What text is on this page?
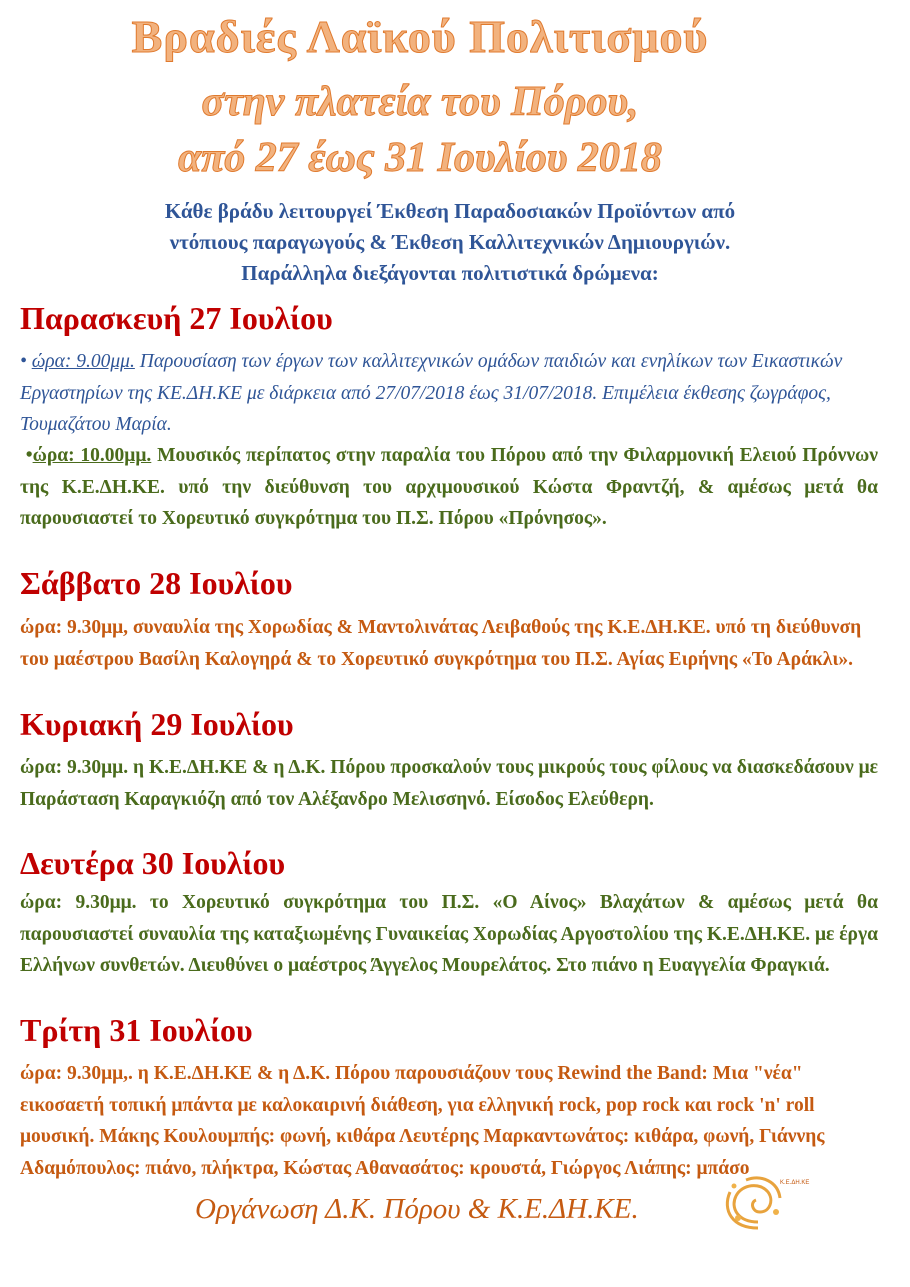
Βραδιές Λαϊκού Πολιτισμού
στην πλατεία του Πόρου,
από 27 έως 31 Ιουλίου 2018
Κάθε βράδυ λειτουργεί Έκθεση Παραδοσιακών Προϊόντων από
ντόπιους παραγωγούς & Έκθεση Καλλιτεχνικών Δημιουργιών.
Παράλληλα διεξάγονται πολιτιστικά δρώμενα:
Παρασκευή 27 Ιουλίου
• ώρα: 9.00μμ. Παρουσίαση των έργων των καλλιτεχνικών ομάδων παιδιών και ενηλίκων των Εικαστικών Εργαστηρίων της ΚΕ.ΔΗ.ΚΕ με διάρκεια από 27/07/2018 έως 31/07/2018. Επιμέλεια έκθεσης ζωγράφος, Τουμαζάτου Μαρία.
•ώρα: 10.00μμ. Μουσικός περίπατος στην παραλία του Πόρου από την Φιλαρμονική Ελειού Πρόννων της Κ.Ε.ΔΗ.ΚΕ. υπό την διεύθυνση του αρχιμουσικού Κώστα Φραντζή, & αμέσως μετά θα παρουσιαστεί το Χορευτικό συγκρότημα του Π.Σ. Πόρου «Πρόνησος».
Σάββατο 28 Ιουλίου
ώρα: 9.30μμ, συναυλία της Χορωδίας & Μαντολινάτας Λειβαθούς της Κ.Ε.ΔΗ.ΚΕ. υπό τη διεύθυνση του μαέστρου Βασίλη Καλογηρά & το Χορευτικό συγκρότημα του Π.Σ. Αγίας Ειρήνης «Το Αράκλι».
Κυριακή 29 Ιουλίου
ώρα: 9.30μμ. η Κ.Ε.ΔΗ.ΚΕ & η Δ.Κ. Πόρου προσκαλούν τους μικρούς τους φίλους να διασκεδάσουν με Παράσταση Καραγκιόζη από τον Αλέξανδρο Μελισσηνό. Είσοδος Ελεύθερη.
Δευτέρα 30 Ιουλίου
ώρα: 9.30μμ. το Χορευτικό συγκρότημα του Π.Σ. «Ο Αίνος» Βλαχάτων & αμέσως μετά θα παρουσιαστεί συναυλία της καταξιωμένης Γυναικείας Χορωδίας Αργοστολίου της Κ.Ε.ΔΗ.ΚΕ. με έργα Ελλήνων συνθετών. Διευθύνει ο μαέστρος Άγγελος Μουρελάτος. Στο πιάνο η Ευαγγελία Φραγκιά.
Τρίτη 31 Ιουλίου
ώρα: 9.30μμ,. η Κ.Ε.ΔΗ.ΚΕ & η Δ.Κ. Πόρου παρουσιάζουν τους Rewind the Band: Μια "νέα" εικοσαετή τοπική μπάντα με καλοκαιρινή διάθεση, για ελληνική rock, pop rock και rock 'n' roll μουσική. Μάκης Κουλουμπής: φωνή, κιθάρα Λευτέρης Μαρκαντωνάτος: κιθάρα, φωνή, Γιάννης Αδαμόπουλος: πιάνο, πλήκτρα, Κώστας Αθανασάτος: κρουστά, Γιώργος Λιάπης: μπάσο
Οργάνωση Δ.Κ. Πόρου & Κ.Ε.ΔΗ.ΚΕ.
Κ.Ε.ΔΗ.ΚΕ
